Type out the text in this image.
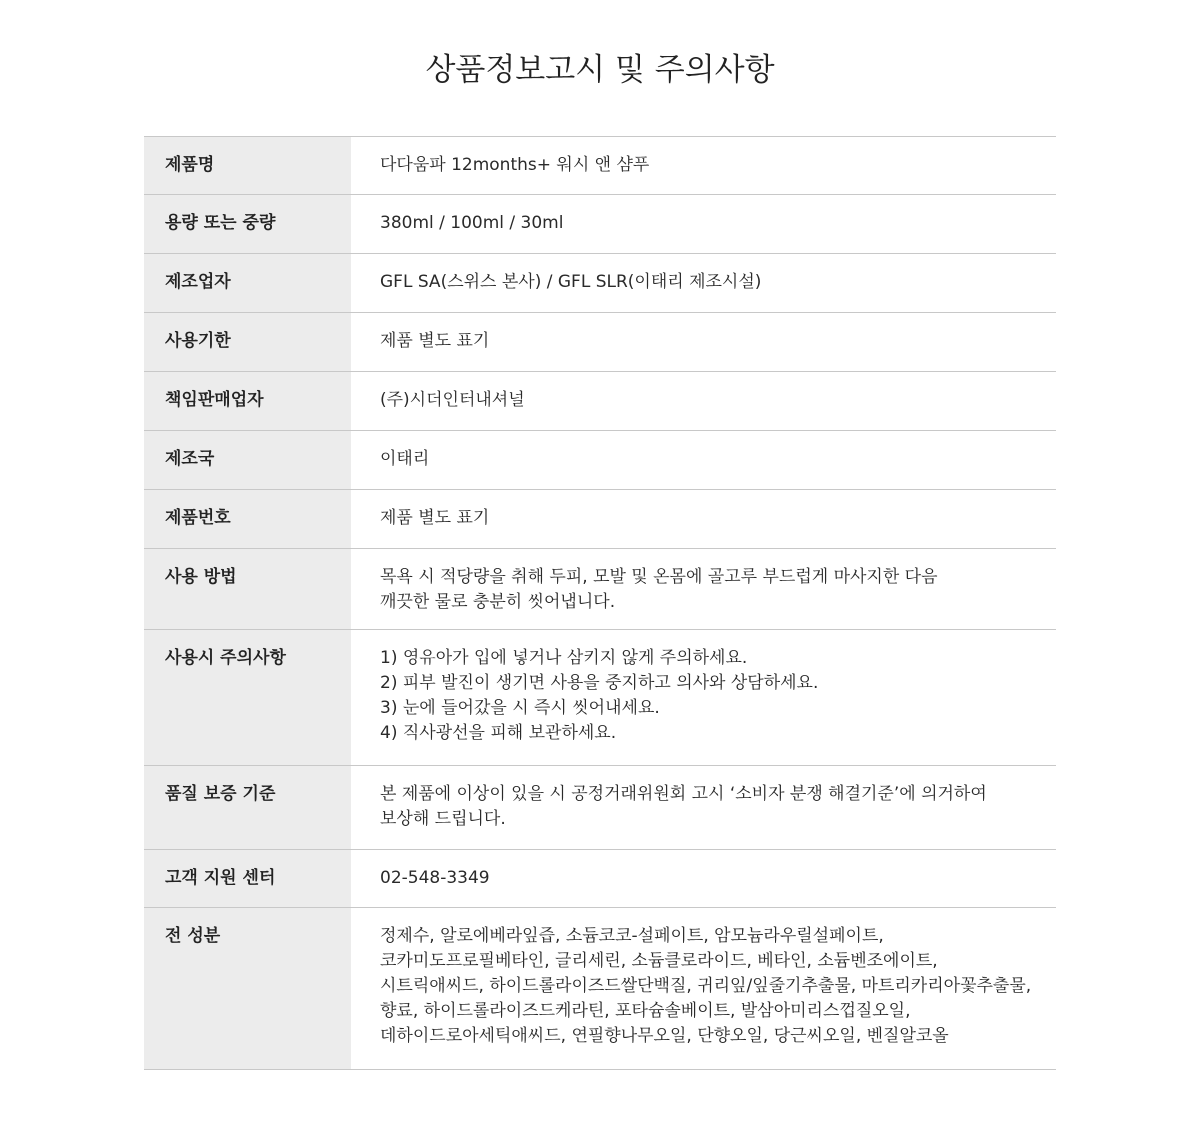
상품정보고시 및 주의사항
제품명	다다움파 12months+ 워시 앤 샴푸

용량 또는 중량	380ml / 100ml / 30ml

제조업자	GFL SA(스위스 본사) / GFL SLR(이태리 제조시설)

사용기한	제품 별도 표기

책임판매업자	(주)시더인터내셔널

제조국	이태리

제품번호	제품 별도 표기

사용 방법	목욕 시 적당량을 취해 두피, 모발 및 온몸에 골고루 부드럽게 마사지한 다음
깨끗한 물로 충분히 씻어냅니다.

사용시 주의사항	1) 영유아가 입에 넣거나 삼키지 않게 주의하세요.
2) 피부 발진이 생기면 사용을 중지하고 의사와 상담하세요.
3) 눈에 들어갔을 시 즉시 씻어내세요.
4) 직사광선을 피해 보관하세요.

품질 보증 기준	본 제품에 이상이 있을 시 공정거래위원회 고시 ‘소비자 분쟁 해결기준’에 의거하여
보상해 드립니다.

고객 지원 센터	02-548-3349

전 성분	정제수, 알로에베라잎즙, 소듐코코-설페이트, 암모늄라우릴설페이트,
코카미도프로필베타인, 글리세린, 소듐클로라이드, 베타인, 소듐벤조에이트,
시트릭애씨드, 하이드롤라이즈드쌀단백질, 귀리잎/잎줄기추출물, 마트리카리아꽃추출물,
향료, 하이드롤라이즈드케라틴, 포타슘솔베이트, 발삼아미리스껍질오일,
데하이드로아세틱애씨드, 연필향나무오일, 단향오일, 당근씨오일, 벤질알코올
